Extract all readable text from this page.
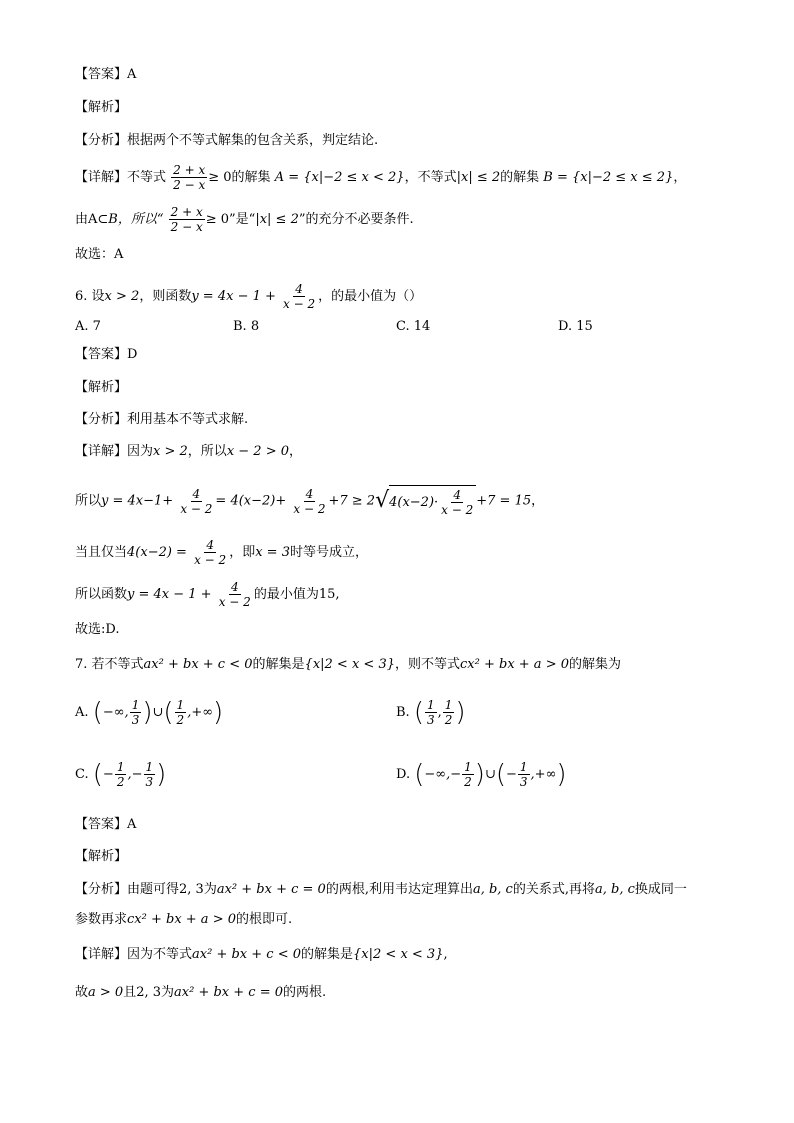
【答案】A
【解析】
【分析】根据两个不等式解集的包含关系，判定结论.
【详解】不等式 $\frac{2 + x}{2 - x} \ge 0$的解集 A = {x|−2 ≤ x < 2}，不等式|x| ≤ 2的解集 B = {x|−2 ≤ x ≤ 2}，
由A⊂B，所以“ $\frac{2 + x}{2 - x} \ge 0$”是“|x| ≤ 2”的充分不必要条件.
故选：A
6. 设x > 2，则函数$y = 4x - 1 + \frac{4}{x - 2}$ ，的最小值为（）
A. 7	B. 8	C. 14	D. 15
【答案】D
【解析】
【分析】利用基本不等式求解.
【详解】因为x > 2，所以x − 2 > 0，
所以$y = 4x-1+ \frac{4}{x - 2} = 4(x-2)+ \frac{4}{x - 2} +7 \ge 2√4(x-2)\cdot \frac{4}{x - 2} +7 = 15$，
当且仅当$4(x-2) = \frac{4}{x - 2}$ ，即x = 3时等号成立，
所以函数$y = 4x - 1 + \frac{4}{x - 2}$ 的最小值为15,
故选:D.
7. 若不等式ax² + bx + c < 0的解集是{x|2 < x < 3}，则不等式cx² + bx + a > 0的解集为
A. (−∞, $\frac{1}{3}$ )∪( $\frac{1}{2}$ ,+∞)	B. ( $\frac{1}{3}$ , $\frac{1}{2}$ )
C. (− $\frac{1}{2}$ ,− $\frac{1}{3}$ )	D. (−∞,− $\frac{1}{2}$ )∪(− $\frac{1}{3}$ ,+∞)
【答案】A
【解析】
【分析】由题可得2, 3为ax² + bx + c = 0的两根,利用韦达定理算出a, b, c的关系式,再将a, b, c换成同一
参数再求cx² + bx + a > 0的根即可.
【详解】因为不等式ax² + bx + c < 0的解集是{x|2 < x < 3},
故a > 0且2, 3为ax² + bx + c = 0的两根.
